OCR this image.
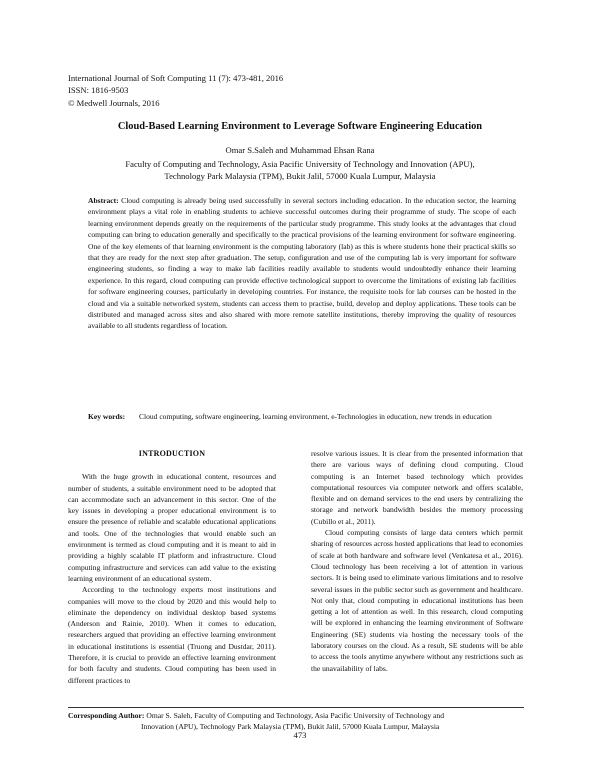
International Journal of Soft Computing 11 (7): 473-481, 2016
ISSN: 1816-9503
© Medwell Journals, 2016
Cloud-Based Learning Environment to Leverage Software Engineering Education
Omar S.Saleh and Muhammad Ehsan Rana
Faculty of Computing and Technology, Asia Pacific University of Technology and Innovation (APU),
Technology Park Malaysia (TPM), Bukit Jalil, 57000 Kuala Lumpur, Malaysia
Abstract: Cloud computing is already being used successfully in several sectors including education. In the education sector, the learning environment plays a vital role in enabling students to achieve successful outcomes during their programme of study. The scope of each learning environment depends greatly on the requirements of the particular study programme. This study looks at the advantages that cloud computing can bring to education generally and specifically to the practical provisions of the learning environment for software engineering. One of the key elements of that learning environment is the computing laboratory (lab) as this is where students hone their practical skills so that they are ready for the next step after graduation. The setup, configuration and use of the computing lab is very important for software engineering students, so finding a way to make lab facilities readily available to students would undoubtedly enhance their learning experience. In this regard, cloud computing can provide effective technological support to overcome the limitations of existing lab facilities for software engineering courses, particularly in developing countries. For instance, the requisite tools for lab courses can be hosted in the cloud and via a suitable networked system, students can access them to practise, build, develop and deploy applications. These tools can be distributed and managed across sites and also shared with more remote satellite institutions, thereby improving the quality of resources available to all students regardless of location.
Key words: Cloud computing, software engineering, learning environment, e-Technologies in education, new trends in education
INTRODUCTION

With the huge growth in educational content, resources and number of students, a suitable environment need to be adopted that can accommodate such an advancement in this sector. One of the key issues in developing a proper educational environment is to ensure the presence of reliable and scalable educational applications and tools. One of the technologies that would enable such an environment is termed as cloud computing and it is meant to aid in providing a highly scalable IT platform and infrastructure. Cloud computing infrastructure and services can add value to the existing learning environment of an educational system.

According to the technology experts most institutions and companies will move to the cloud by 2020 and this would help to eliminate the dependency on individual desktop based systems (Anderson and Rainie, 2010). When it comes to education, researchers argued that providing an effective learning environment in educational institutions is essential (Truong and Dustdar, 2011). Therefore, it is crucial to provide an effective learning environment for both faculty and students. Cloud computing has been used in different practices to

resolve various issues. It is clear from the presented information that there are various ways of defining cloud computing. Cloud computing is an Internet based technology which provides computational resources via computer network and offers scalable, flexible and on demand services to the end users by centralizing the storage and network bandwidth besides the memory processing (Cubillo et al., 2011).

Cloud computing consists of large data centers which permit sharing of resources across hosted applications that lead to economies of scale at both hardware and software level (Venkatesa et al., 2016). Cloud technology has been receiving a lot of attention in various sectors. It is being used to eliminate various limitations and to resolve several issues in the public sector such as government and healthcare. Not only that, cloud computing in educational institutions has been getting a lot of attention as well. In this research, cloud computing will be explored in enhancing the learning environment of Software Engineering (SE) students via hosting the necessary tools of the laboratory courses on the cloud. As a result, SE students will be able to access the tools anytime anywhere without any restrictions such as the unavailability of labs.

Corresponding Author: Omar S. Saleh, Faculty of Computing and Technology, Asia Pacific University of Technology and
Innovation (APU), Technology Park Malaysia (TPM), Bukit Jalil, 57000 Kuala Lumpur, Malaysia
473
